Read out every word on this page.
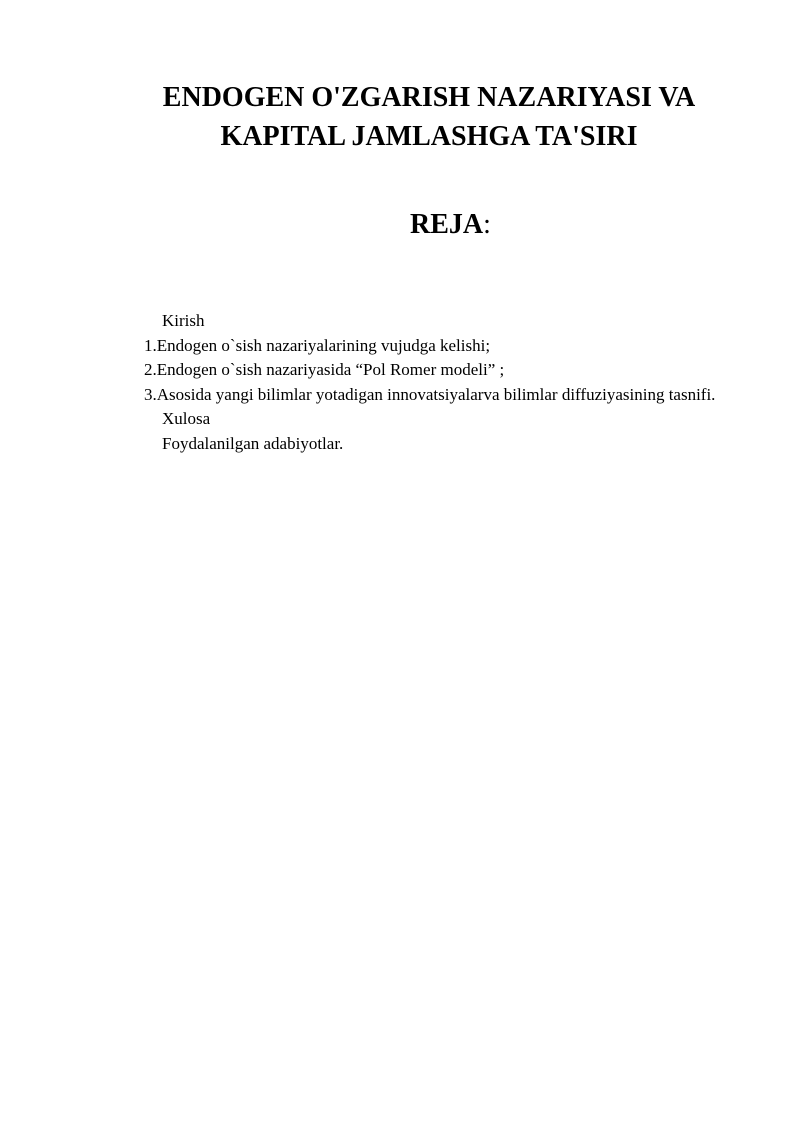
ENDOGEN O'ZGARISH NAZARIYASI VA KAPITAL JAMLASHGA TA'SIRI
REJA:

Kirish

1.Endogen o`sish nazariyalarining vujudga kelishi;

2.Endogen o`sish nazariyasida “Pol Romer modeli” ;

3.Asosida yangi bilimlar yotadigan innovatsiyalarva bilimlar diffuziyasining tasnifi.

Xulosa

Foydalanilgan adabiyotlar.
